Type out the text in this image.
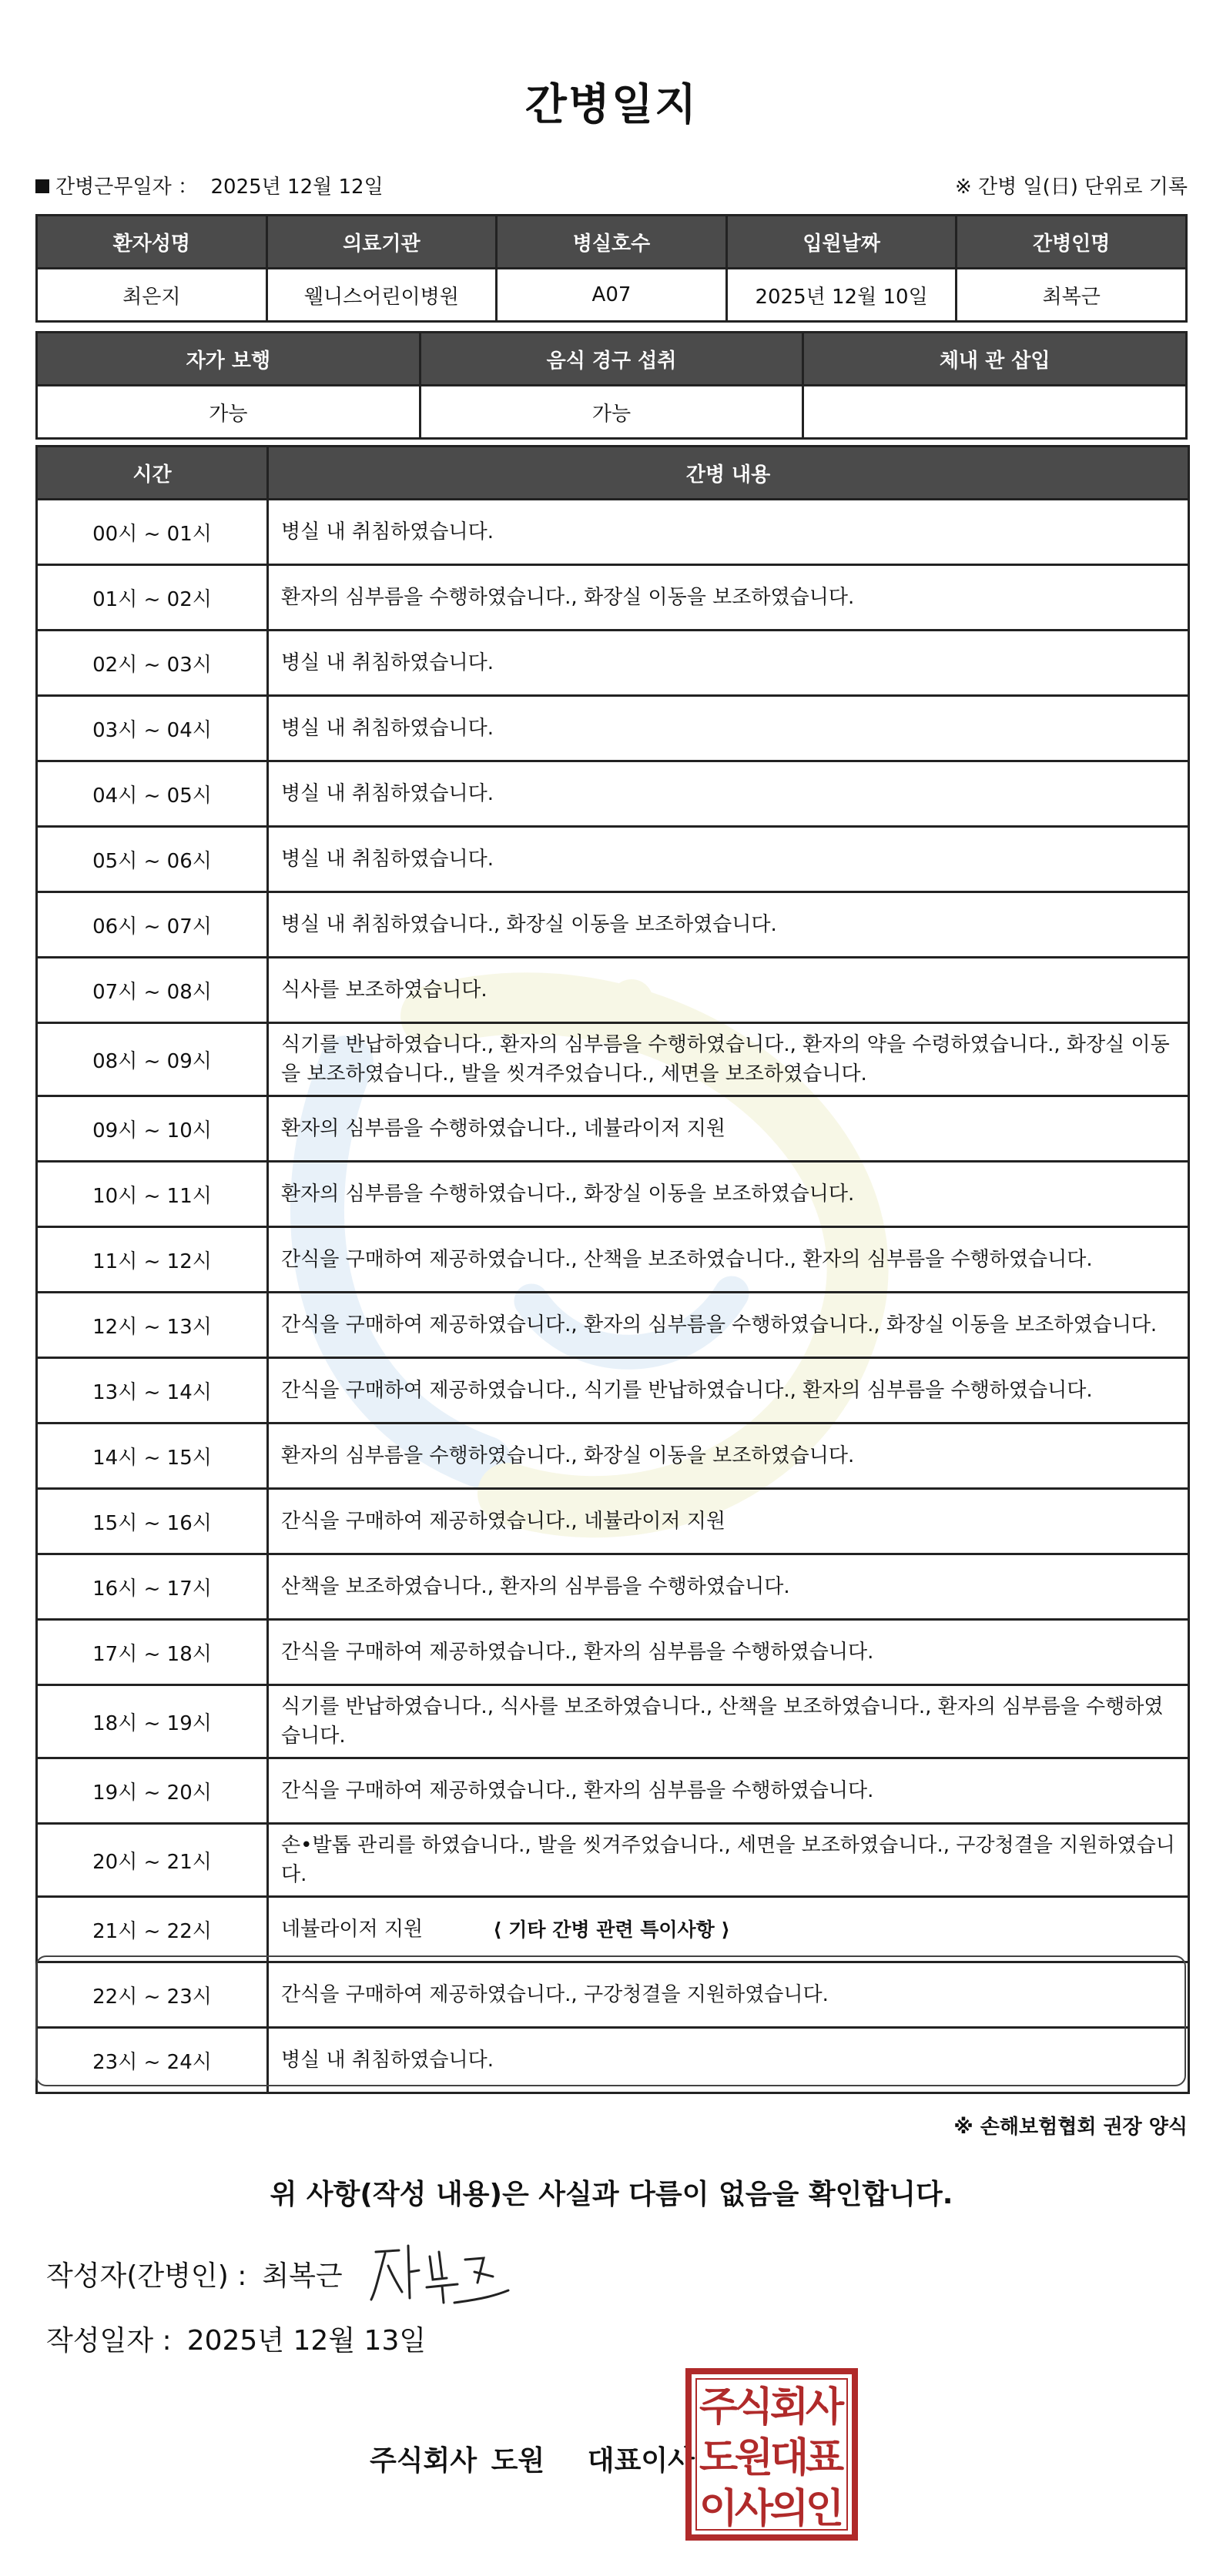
간병일지
간병근무일자 ： 2025년 12월 12일	※ 간병 일(日) 단위로 기록
환자성명	의료기관	병실호수	입원날짜	간병인명
최은지	웰니스어린이병원	A07	2025년 12월 10일	최복근
자가 보행	음식 경구 섭취	체내 관 삽입
가능	가능	
시간	간병 내용
00시 ~ 01시	병실 내 취침하였습니다.
01시 ~ 02시	환자의 심부름을 수행하였습니다., 화장실 이동을 보조하였습니다.
02시 ~ 03시	병실 내 취침하였습니다.
03시 ~ 04시	병실 내 취침하였습니다.
04시 ~ 05시	병실 내 취침하였습니다.
05시 ~ 06시	병실 내 취침하였습니다.
06시 ~ 07시	병실 내 취침하였습니다., 화장실 이동을 보조하였습니다.
07시 ~ 08시	식사를 보조하였습니다.
08시 ~ 09시	식기를 반납하였습니다., 환자의 심부름을 수행하였습니다., 환자의 약을 수령하였습니다., 화장실 이동을 보조하였습니다., 발을 씻겨주었습니다., 세면을 보조하였습니다.
09시 ~ 10시	환자의 심부름을 수행하였습니다., 네뷸라이저 지원
10시 ~ 11시	환자의 심부름을 수행하였습니다., 화장실 이동을 보조하였습니다.
11시 ~ 12시	간식을 구매하여 제공하였습니다., 산책을 보조하였습니다., 환자의 심부름을 수행하였습니다.
12시 ~ 13시	간식을 구매하여 제공하였습니다., 환자의 심부름을 수행하였습니다., 화장실 이동을 보조하였습니다.
13시 ~ 14시	간식을 구매하여 제공하였습니다., 식기를 반납하였습니다., 환자의 심부름을 수행하였습니다.
14시 ~ 15시	환자의 심부름을 수행하였습니다., 화장실 이동을 보조하였습니다.
15시 ~ 16시	간식을 구매하여 제공하였습니다., 네뷸라이저 지원
16시 ~ 17시	산책을 보조하였습니다., 환자의 심부름을 수행하였습니다.
17시 ~ 18시	간식을 구매하여 제공하였습니다., 환자의 심부름을 수행하였습니다.
18시 ~ 19시	식기를 반납하였습니다., 식사를 보조하였습니다., 산책을 보조하였습니다., 환자의 심부름을 수행하였습니다.
19시 ~ 20시	간식을 구매하여 제공하였습니다., 환자의 심부름을 수행하였습니다.
20시 ~ 21시	손•발톱 관리를 하였습니다., 발을 씻겨주었습니다., 세면을 보조하였습니다., 구강청결을 지원하였습니다.
21시 ~ 22시	네뷸라이저 지원
22시 ~ 23시	간식을 구매하여 제공하였습니다., 구강청결을 지원하였습니다.
23시 ~ 24시	병실 내 취침하였습니다.
⟨ 기타 간병 관련 특이사항 ⟩
※ 손해보험협회 권장 양식
위 사항(작성 내용)은 사실과 다름이 없음을 확인합니다.
작성자(간병인) : 최복근
작성일자 : 2025년 12월 13일
주식회사 도원   대표이사
주
식
회
사
도
원
대
표
이
사
의
인
